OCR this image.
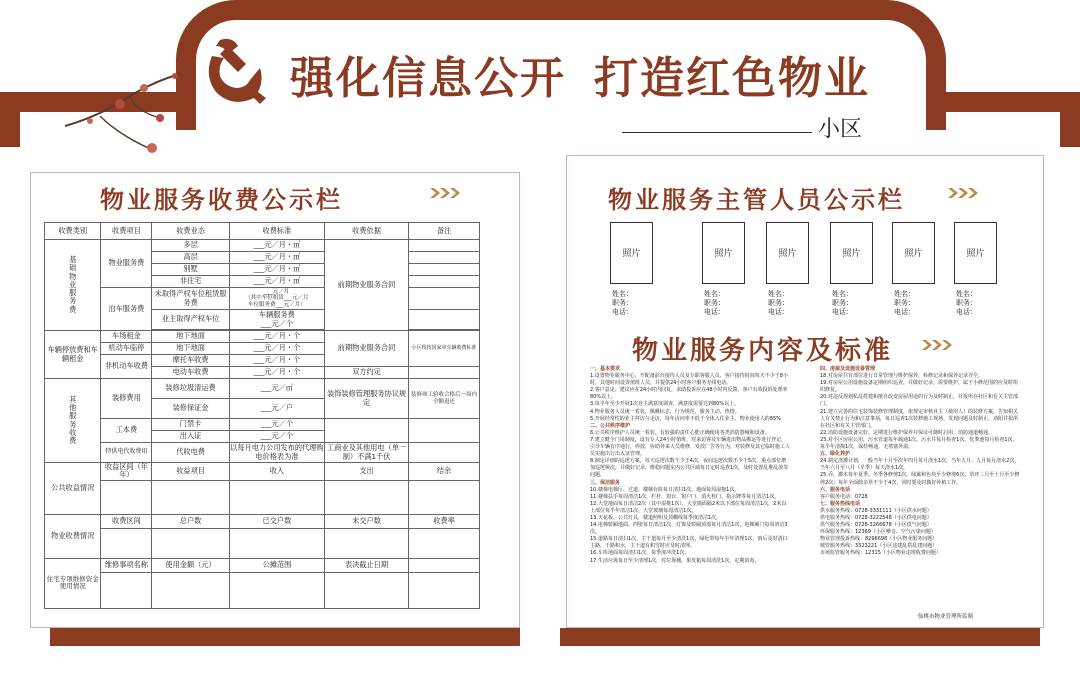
强化信息公开 打造红色物业
小区
物业服务收费公示栏
收费类别	收费项目	收费业态	收费标准	收费依据	备注
基础物业服务费	物业服务费	多层	___元／月・㎡	前期物业服务合同	
		高层	___元／月・㎡		
		别墅	___元／月・㎡		
		非住宅	___元／月・㎡		
	泊车服务费	未取得产权车位租赁服务费	___元／月
（其中车位租赁___元／月
车位服务费___元／月）		
		业主取得产权车位	车辆服务费
___元／个		

车辆停放费和车辆租金	车场租金	地下地面	___元／月・个	前期物业服务合同	小区现按国家审车辆收费标准
	机动车临停	地下地面	___元／月・个		
	非机动车收费	摩托车收费	___元／月・个		
		电动车收费	___元／月・个	双方约定	
其他服务收费	装修费用	装修垃圾清运费	___元／㎡	装饰装修管理服务协议规定	装修竣工验收合格后一周内全额退还
		装修保证金	___元／户		
	工本费	门禁卡	___元／个		
		出入证	___元／个		
	特供电代收费用	代收电费	以每月电力公司发布的代理购电价格表为准	工商业及其他用电（单一制）不满1千伏	
公共收益情况	收益区间（年年）	收益项目	收入	支出	结余

物业收费情况	收费区间	总户数	已交户数	未交户数	收费率

住宅专项维修资金使用情况	维修事项名称	使用金额（元）	公摊范围	表决截止日期	

物业服务主管人员公示栏
照片	照片	照片	照片	照片	照片
姓名：
职务：
电话：
姓名：
职务：
电话：
姓名：
职务：
电话：
姓名：
职务：
电话：
姓名：
职务：
电话：
姓名：
职务：
电话：
物业服务内容及标准

一、基本要求

1.设置物业服务中心，开配备前台接待人员及专职客服人员，客户接待时间每天不少于8小时，其他时间设置值班人员，并提供24小时客户服务专线电话。

2.客户意见、建议应在24小时内回复，求助投诉应在48小时内反馈，客户有效投诉处理率80%以上。

3.每半年至少开展1次业主满意度调查，满意度需要达到80%以上。

4.物业服务人员统一着装，佩戴标志，行为规范，服务主动、热情。

5.开展经常性的业主拜访与走访，每年访问率不低于全体入住业主、物业使用人的85%

二、公共秩序维护

6.公共秩序维护人员统一着装，有较强的责任心能正确使用各类消防器械和设备。

7.建立健全门岗制度，设有专人24小时值班，对来访客及车辆进出物品搬运等进行登记，引导车辆有序通行，停放，协助外来人员维修，发放广告等行为，对装修及其它临时施工人员实施出行出入证管理。

8.制定详细的巡逻方案，每天巡逻次数不少于4次，夜间巡逻次数不少于5次，重点部位增加巡逻频次，并做好记录，维稳问题室内公共区域每日定时巡查1次，及时处置乱堆乱放等问题。

三、保洁服务

10.楼梯电梯厅、过道、楼梯台阶每日清扫1次，地面每周湿拖1次。

11.楼梯扶手每周清洁1次，栏杆、窗台、窗户门、消火栓门、指示牌等每月清洁1次。

12.大堂地面每日清洁2次（其中湿拖1次），大堂墙面隔2米以下部位每周清洁1次，2米以上部位每半年清洁1次，大堂玻璃每周清洁1次。

13.天花板、公共灯具，楼道照明及顶棚线每季度清洁1次。

14.电梯轿厢地面、四壁每日清洁1次，灯饰及轿厢顶部每月清洁1次，电梯厢门每周清洁3次。

15.道路每日清扫1次，主干道每月至少清洗1次，绿化带每年半年清理1次，雨后及时清扫主路、干路积水，主干道有积雪时应及时清理。

16.车库地面每周清扫1次，每季度冲洗1次。

17.生活垃圾每日至少清理1次，对垃圾桶，果皮箱每周清洗1次，定期消毒。

四、房屋及设施设备管理

18.对房屋共有部位进行日常管理与维护保养，检修记录和保养记录齐全。

19.对房屋公用设施设备定期组织巡查，并做好记录，需要维护，属于小修范围的应及时组织修复。

20.对违反规划私乱搭建和擅自改变房屋用途的行为及时制止，并报所在社区和有关主管部门。

21.建立完善的住宅装饰装修管理制度，依规定审核业主（使用人）的装修方案，告知相关人有关禁止行为和注意事项，每日巡查1次装修施工现场，发现问题及时制止，劝阻并报所在社区和有关主管部门。

22.消防设施设备完好，定期进行维护保养并保证可随时启用，消防通道畅通。

23.对小区房屋公用、污水管道每年疏通1次，污水井每月检查1次，化粪池每月检查1次，每半年清掏1次，保持畅通，无堵塞外溢。

五、绿化养护

24.制定浇灌计划，一般当年十月至次年四月每月浇水1次，当年五月、九月每月浇水2次，当年六月至八月（旱季）每天浇水1次。

25.乔、灌木每年夏季、冬季各修剪1次，绿篱和色块至少修剪6次，草坪三月至十月至少修剪2次；每年全面除杂草不少于4次，同时要及时做好补植工作。

六、服务电话

客户服务电话：0728

七、服务热线电话

供水服务热线：0728-3331111（小区供水问题）

供电服务热线：0728-3222548（小区供电问题）

供气服务热线：0728-3266678（小区供气问题）

环保服务热线：12369（小区噪音、空气污染问题）

物业管理投诉热线：8296698（小区物业服务问题）

城管服务热线：3323221（小区违建乱搭乱建问题）

市场监管服务热线：12315（小区物业违规收费问题）

仙桃市物业管理所监制
